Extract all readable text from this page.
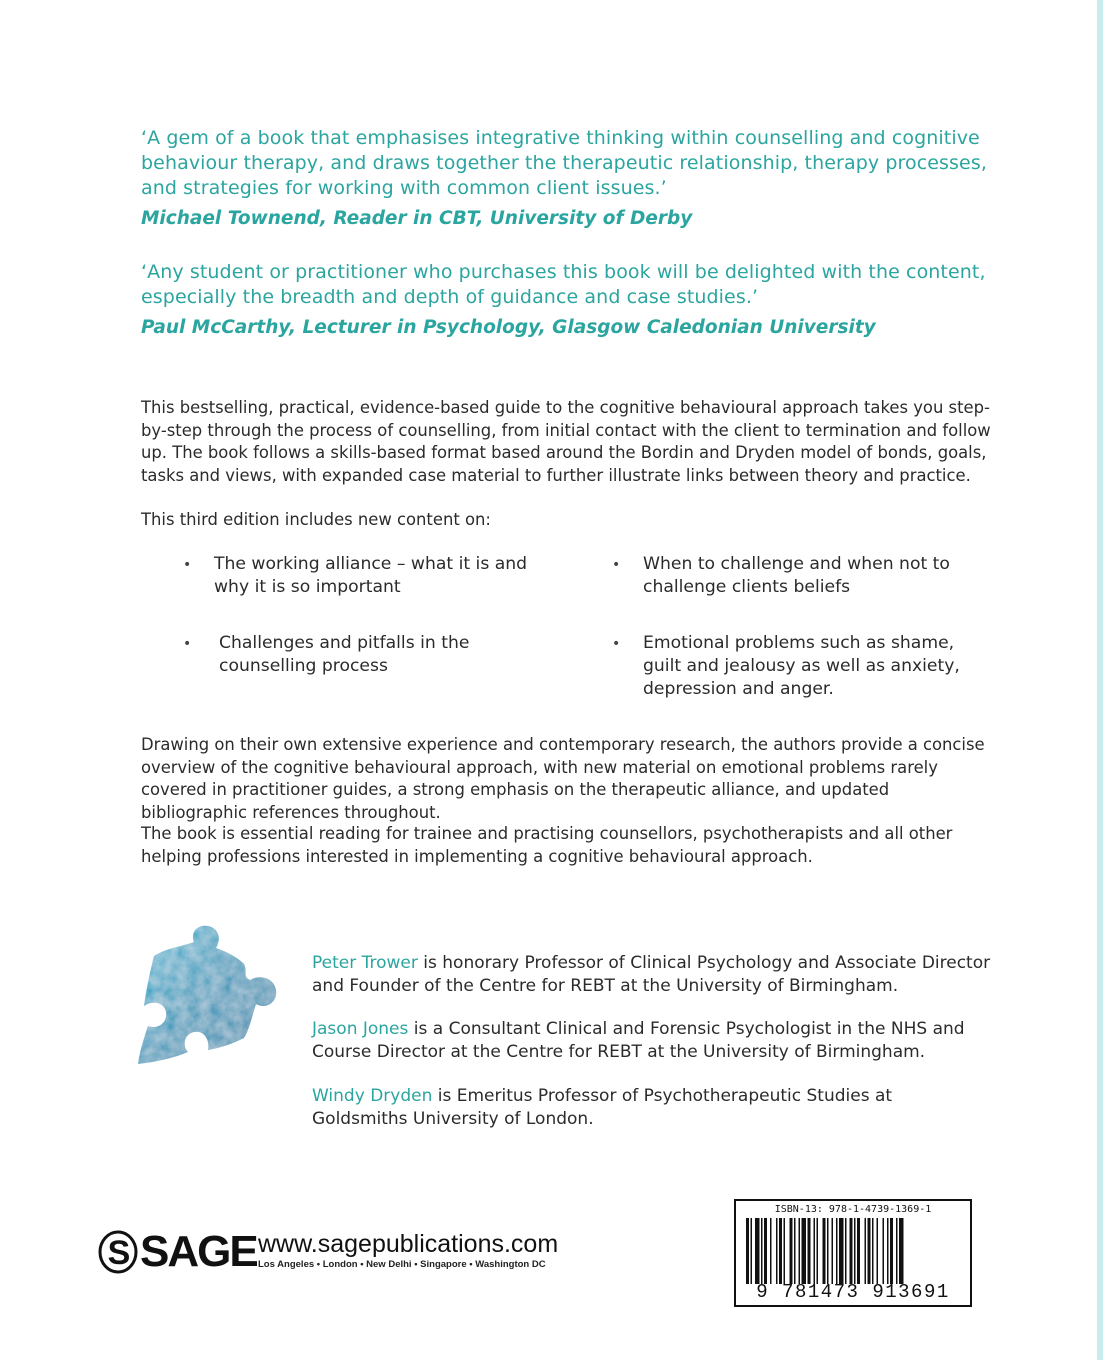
‘A gem of a book that emphasises integrative thinking within counselling and cognitive behaviour therapy, and draws together the therapeutic relationship, therapy processes, and strategies for working with common client issues.’
Michael Townend, Reader in CBT, University of Derby
‘Any student or practitioner who purchases this book will be delighted with the content, especially the breadth and depth of guidance and case studies.’
Paul McCarthy, Lecturer in Psychology, Glasgow Caledonian University
This bestselling, practical, evidence-based guide to the cognitive behavioural approach takes you step-by-step through the process of counselling, from initial contact with the client to termination and follow up. The book follows a skills-based format based around the Bordin and Dryden model of bonds, goals, tasks and views, with expanded case material to further illustrate links between theory and practice.
This third edition includes new content on:
• The working alliance – what it is and why it is so important
• When to challenge and when not to challenge clients beliefs
• Challenges and pitfalls in the counselling process
• Emotional problems such as shame, guilt and jealousy as well as anxiety, depression and anger.
Drawing on their own extensive experience and contemporary research, the authors provide a concise overview of the cognitive behavioural approach, with new material on emotional problems rarely covered in practitioner guides, a strong emphasis on the therapeutic alliance, and updated bibliographic references throughout.
The book is essential reading for trainee and practising counsellors, psychotherapists and all other helping professions interested in implementing a cognitive behavioural approach.
Peter Trower is honorary Professor of Clinical Psychology and Associate Director and Founder of the Centre for REBT at the University of Birmingham.
Jason Jones is a Consultant Clinical and Forensic Psychologist in the NHS and Course Director at the Centre for REBT at the University of Birmingham.
Windy Dryden is Emeritus Professor of Psychotherapeutic Studies at Goldsmiths University of London.
S SAGE www.sagepublications.com
Los Angeles • London • New Delhi • Singapore • Washington DC
ISBN-13: 978-1-4739-1369-1
9 781473 913691
